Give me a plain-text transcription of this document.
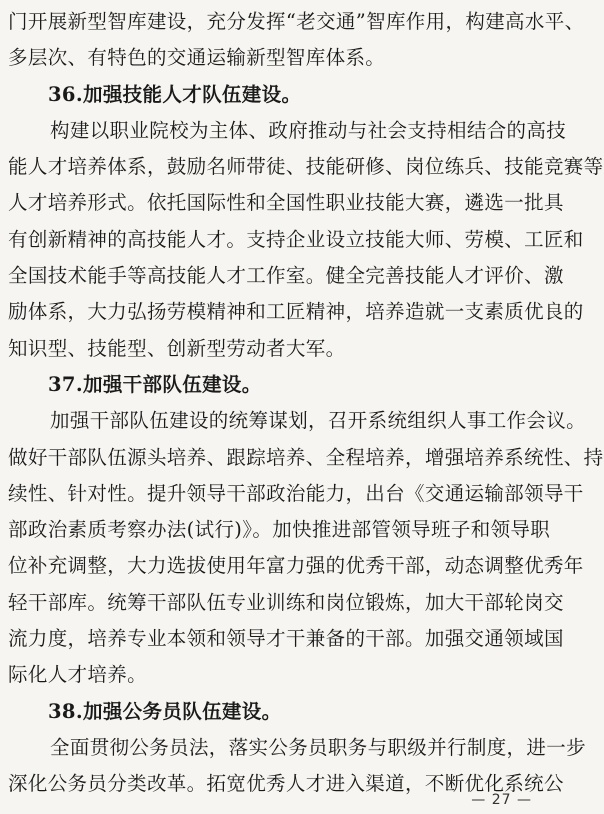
门开展新型智库建设，充分发挥“老交通”智库作用，构建高水平、
多层次、有特色的交通运输新型智库体系。
36.加强技能人才队伍建设。
构建以职业院校为主体、政府推动与社会支持相结合的高技
能人才培养体系，鼓励名师带徒、技能研修、岗位练兵、技能竞赛等
人才培养形式。依托国际性和全国性职业技能大赛，遴选一批具
有创新精神的高技能人才。支持企业设立技能大师、劳模、工匠和
全国技术能手等高技能人才工作室。健全完善技能人才评价、激
励体系，大力弘扬劳模精神和工匠精神，培养造就一支素质优良的
知识型、技能型、创新型劳动者大军。
37.加强干部队伍建设。
加强干部队伍建设的统筹谋划，召开系统组织人事工作会议。
做好干部队伍源头培养、跟踪培养、全程培养，增强培养系统性、持
续性、针对性。提升领导干部政治能力，出台《交通运输部领导干
部政治素质考察办法(试行)》。加快推进部管领导班子和领导职
位补充调整，大力选拔使用年富力强的优秀干部，动态调整优秀年
轻干部库。统筹干部队伍专业训练和岗位锻炼，加大干部轮岗交
流力度，培养专业本领和领导才干兼备的干部。加强交通领域国
际化人才培养。
38.加强公务员队伍建设。
全面贯彻公务员法，落实公务员职务与职级并行制度，进一步
深化公务员分类改革。拓宽优秀人才进入渠道，不断优化系统公
— 27 —
